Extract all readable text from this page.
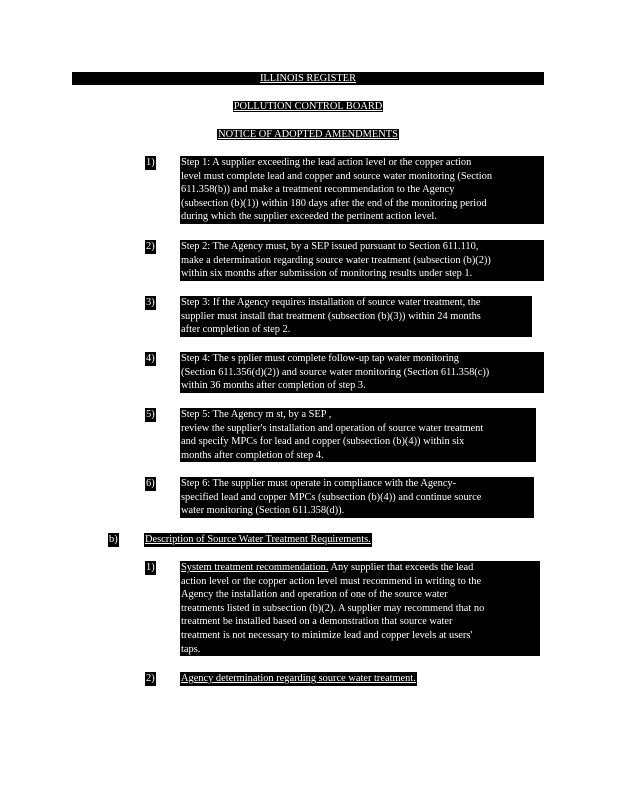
ILLINOIS REGISTER
POLLUTION CONTROL BOARD
NOTICE OF ADOPTED AMENDMENTS
1)	Step 1: A supplier exceeding the lead action level or the copper action
level must complete lead and copper and source water monitoring (Section
611.358(b)) and make a treatment recommendation to the Agency
(subsection (b)(1)) within 180 days after the end of the monitoring period
during which the supplier exceeded the pertinent action level.
2)	Step 2: The Agency must, by a SEP issued pursuant to Section 611.110,
make a determination regarding source water treatment (subsection (b)(2))
within six months after submission of monitoring results under step 1.
3)	Step 3: If the Agency requires installation of source water treatment, the
supplier must install that treatment (subsection (b)(3)) within 24 months
after completion of step 2.
4)	Step 4: The s pplier must complete follow-up tap water monitoring
(Section 611.356(d)(2)) and source water monitoring (Section 611.358(c))
within 36 months after completion of step 3.
5)	Step 5: The Agency m st, by a SEP ,
review the supplier's installation and operation of source water treatment
and specify MPCs for lead and copper (subsection (b)(4)) within six
months after completion of step 4.
6)	Step 6: The supplier must operate in compliance with the Agency-
specified lead and copper MPCs (subsection (b)(4)) and continue source
water monitoring (Section 611.358(d)).
b)	Description of Source Water Treatment Requirements.
1)	System treatment recommendation. Any supplier that exceeds the lead
action level or the copper action level must recommend in writing to the
Agency the installation and operation of one of the source water
treatments listed in subsection (b)(2). A supplier may recommend that no
treatment be installed based on a demonstration that source water
treatment is not necessary to minimize lead and copper levels at users'
taps.
2)	Agency determination regarding source water treatment.
